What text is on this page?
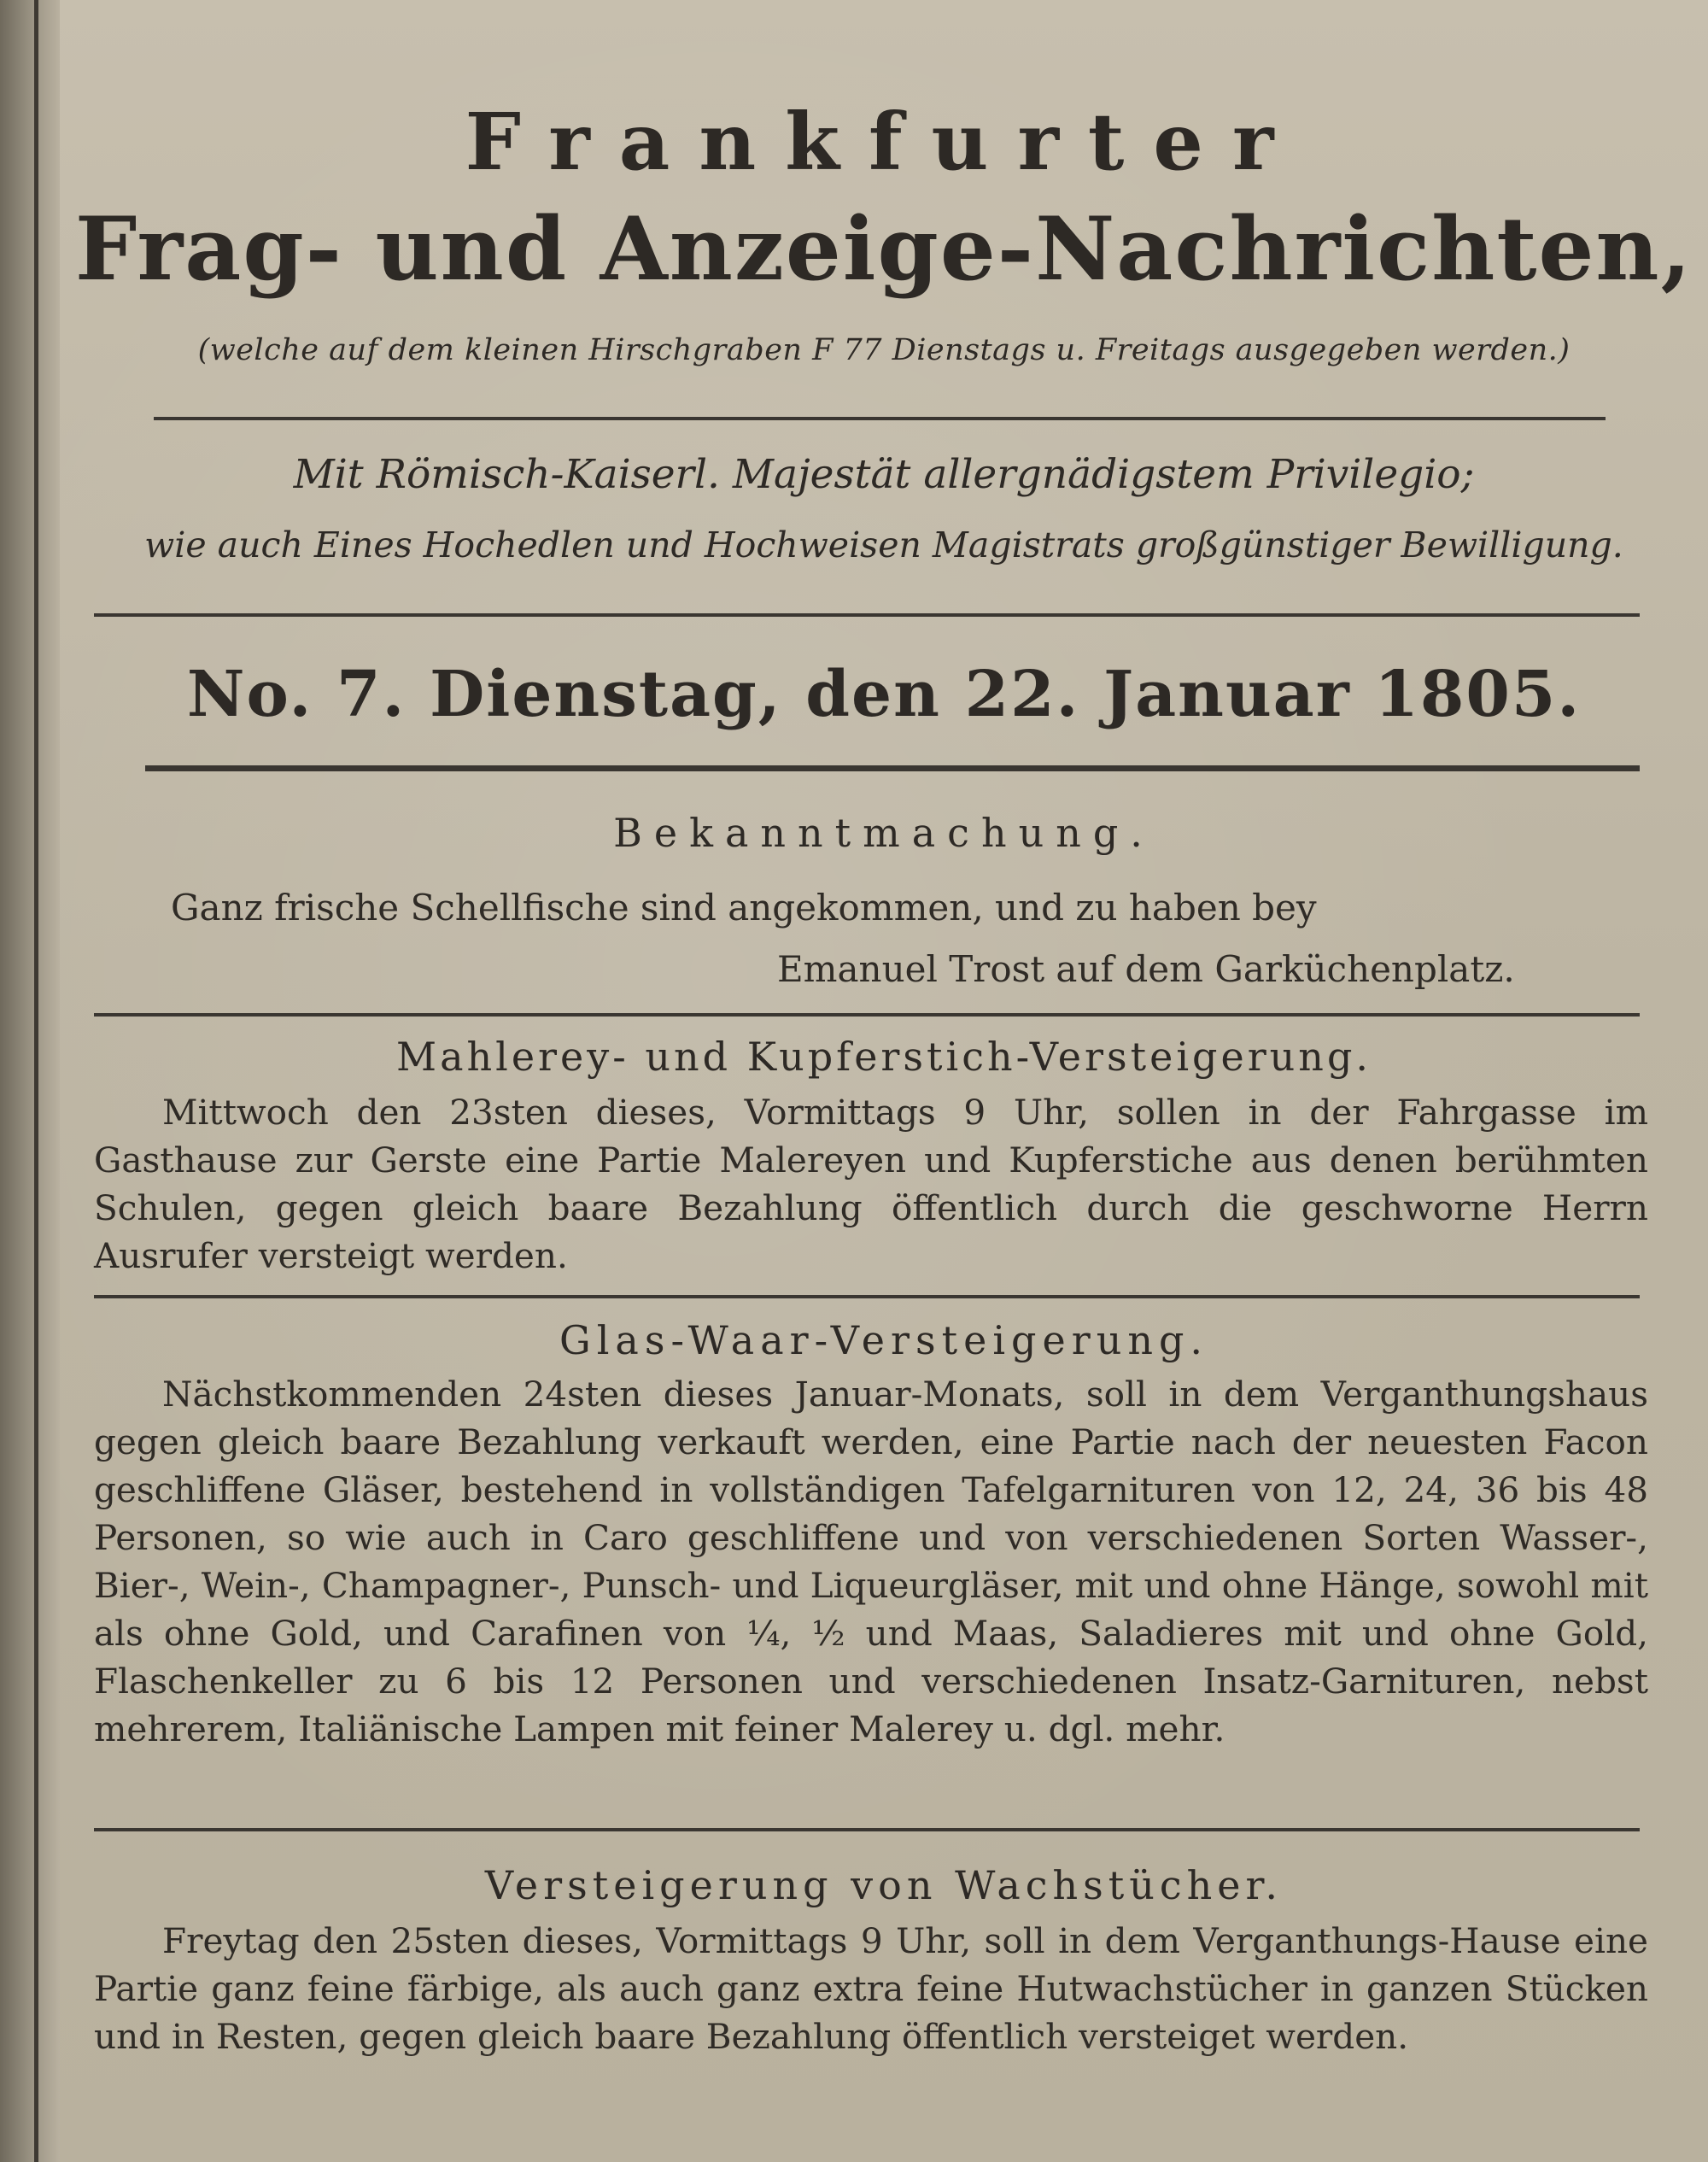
Frankfurter
Frag- und Anzeige-Nachrichten,
(welche auf dem kleinen Hirschgraben F 77 Dienstags u. Freitags ausgegeben werden.)
Mit Römisch-Kaiserl. Majestät allergnädigstem Privilegio;
wie auch Eines Hochedlen und Hochweisen Magistrats großgünstiger Bewilligung.
No. 7. Dienstag, den 22. Januar 1805.
Bekanntmachung.
Ganz frische Schellfische sind angekommen, und zu haben bey
Emanuel Trost auf dem Garküchenplatz.
Mahlerey- und Kupferstich-Versteigerung.

Mittwoch den 23sten dieses, Vormittags 9 Uhr, sollen in der Fahrgasse im Gasthause zur Gerste eine Partie Malereyen und Kupferstiche aus denen berühmten Schulen, gegen gleich baare Bezahlung öffentlich durch die geschworne Herrn Ausrufer versteigt werden.

Glas-Waar-Versteigerung.

Nächstkommenden 24sten dieses Januar-Monats, soll in dem Verganthungshaus gegen gleich baare Bezahlung verkauft werden, eine Partie nach der neuesten Facon geschliffene Gläser, bestehend in vollständigen Tafelgarnituren von 12, 24, 36 bis 48 Personen, so wie auch in Caro geschliffene und von verschiedenen Sorten Wasser-, Bier-, Wein-, Champagner-, Punsch- und Liqueurgläser, mit und ohne Hänge, sowohl mit als ohne Gold, und Carafinen von ¼, ½ und Maas, Saladieres mit und ohne Gold, Flaschenkeller zu 6 bis 12 Personen und verschiedenen Insatz-Garnituren, nebst mehrerem, Italiänische Lampen mit feiner Malerey u. dgl. mehr.

Versteigerung von Wachstücher.

Freytag den 25sten dieses, Vormittags 9 Uhr, soll in dem Verganthungs-Hause eine Partie ganz feine färbige, als auch ganz extra feine Hutwachstücher in ganzen Stücken und in Resten, gegen gleich baare Bezahlung öffentlich versteiget werden.
